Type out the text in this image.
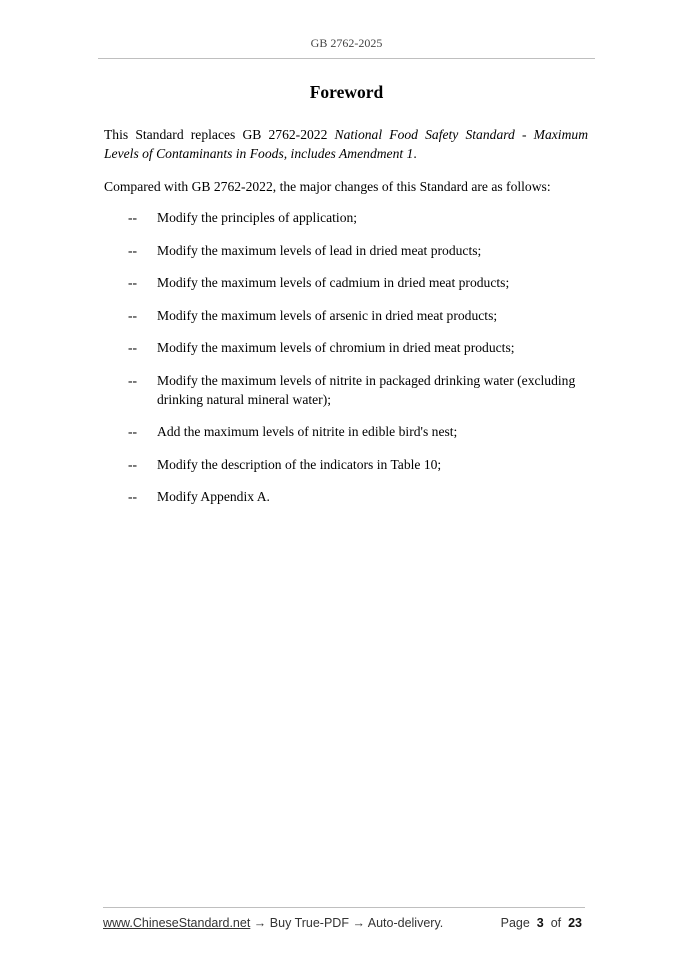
GB 2762-2025
Foreword

This Standard replaces GB 2762-2022 National Food Safety Standard - Maximum Levels of Contaminants in Foods, includes Amendment 1.

Compared with GB 2762-2022, the major changes of this Standard are as follows:

-- Modify the principles of application;
-- Modify the maximum levels of lead in dried meat products;
-- Modify the maximum levels of cadmium in dried meat products;
-- Modify the maximum levels of arsenic in dried meat products;
-- Modify the maximum levels of chromium in dried meat products;
-- Modify the maximum levels of nitrite in packaged drinking water (excluding drinking natural mineral water);
-- Add the maximum levels of nitrite in edible bird's nest;
-- Modify the description of the indicators in Table 10;
-- Modify Appendix A.
www.ChineseStandard.net → Buy True-PDF → Auto-delivery.	Page 3 of 23
